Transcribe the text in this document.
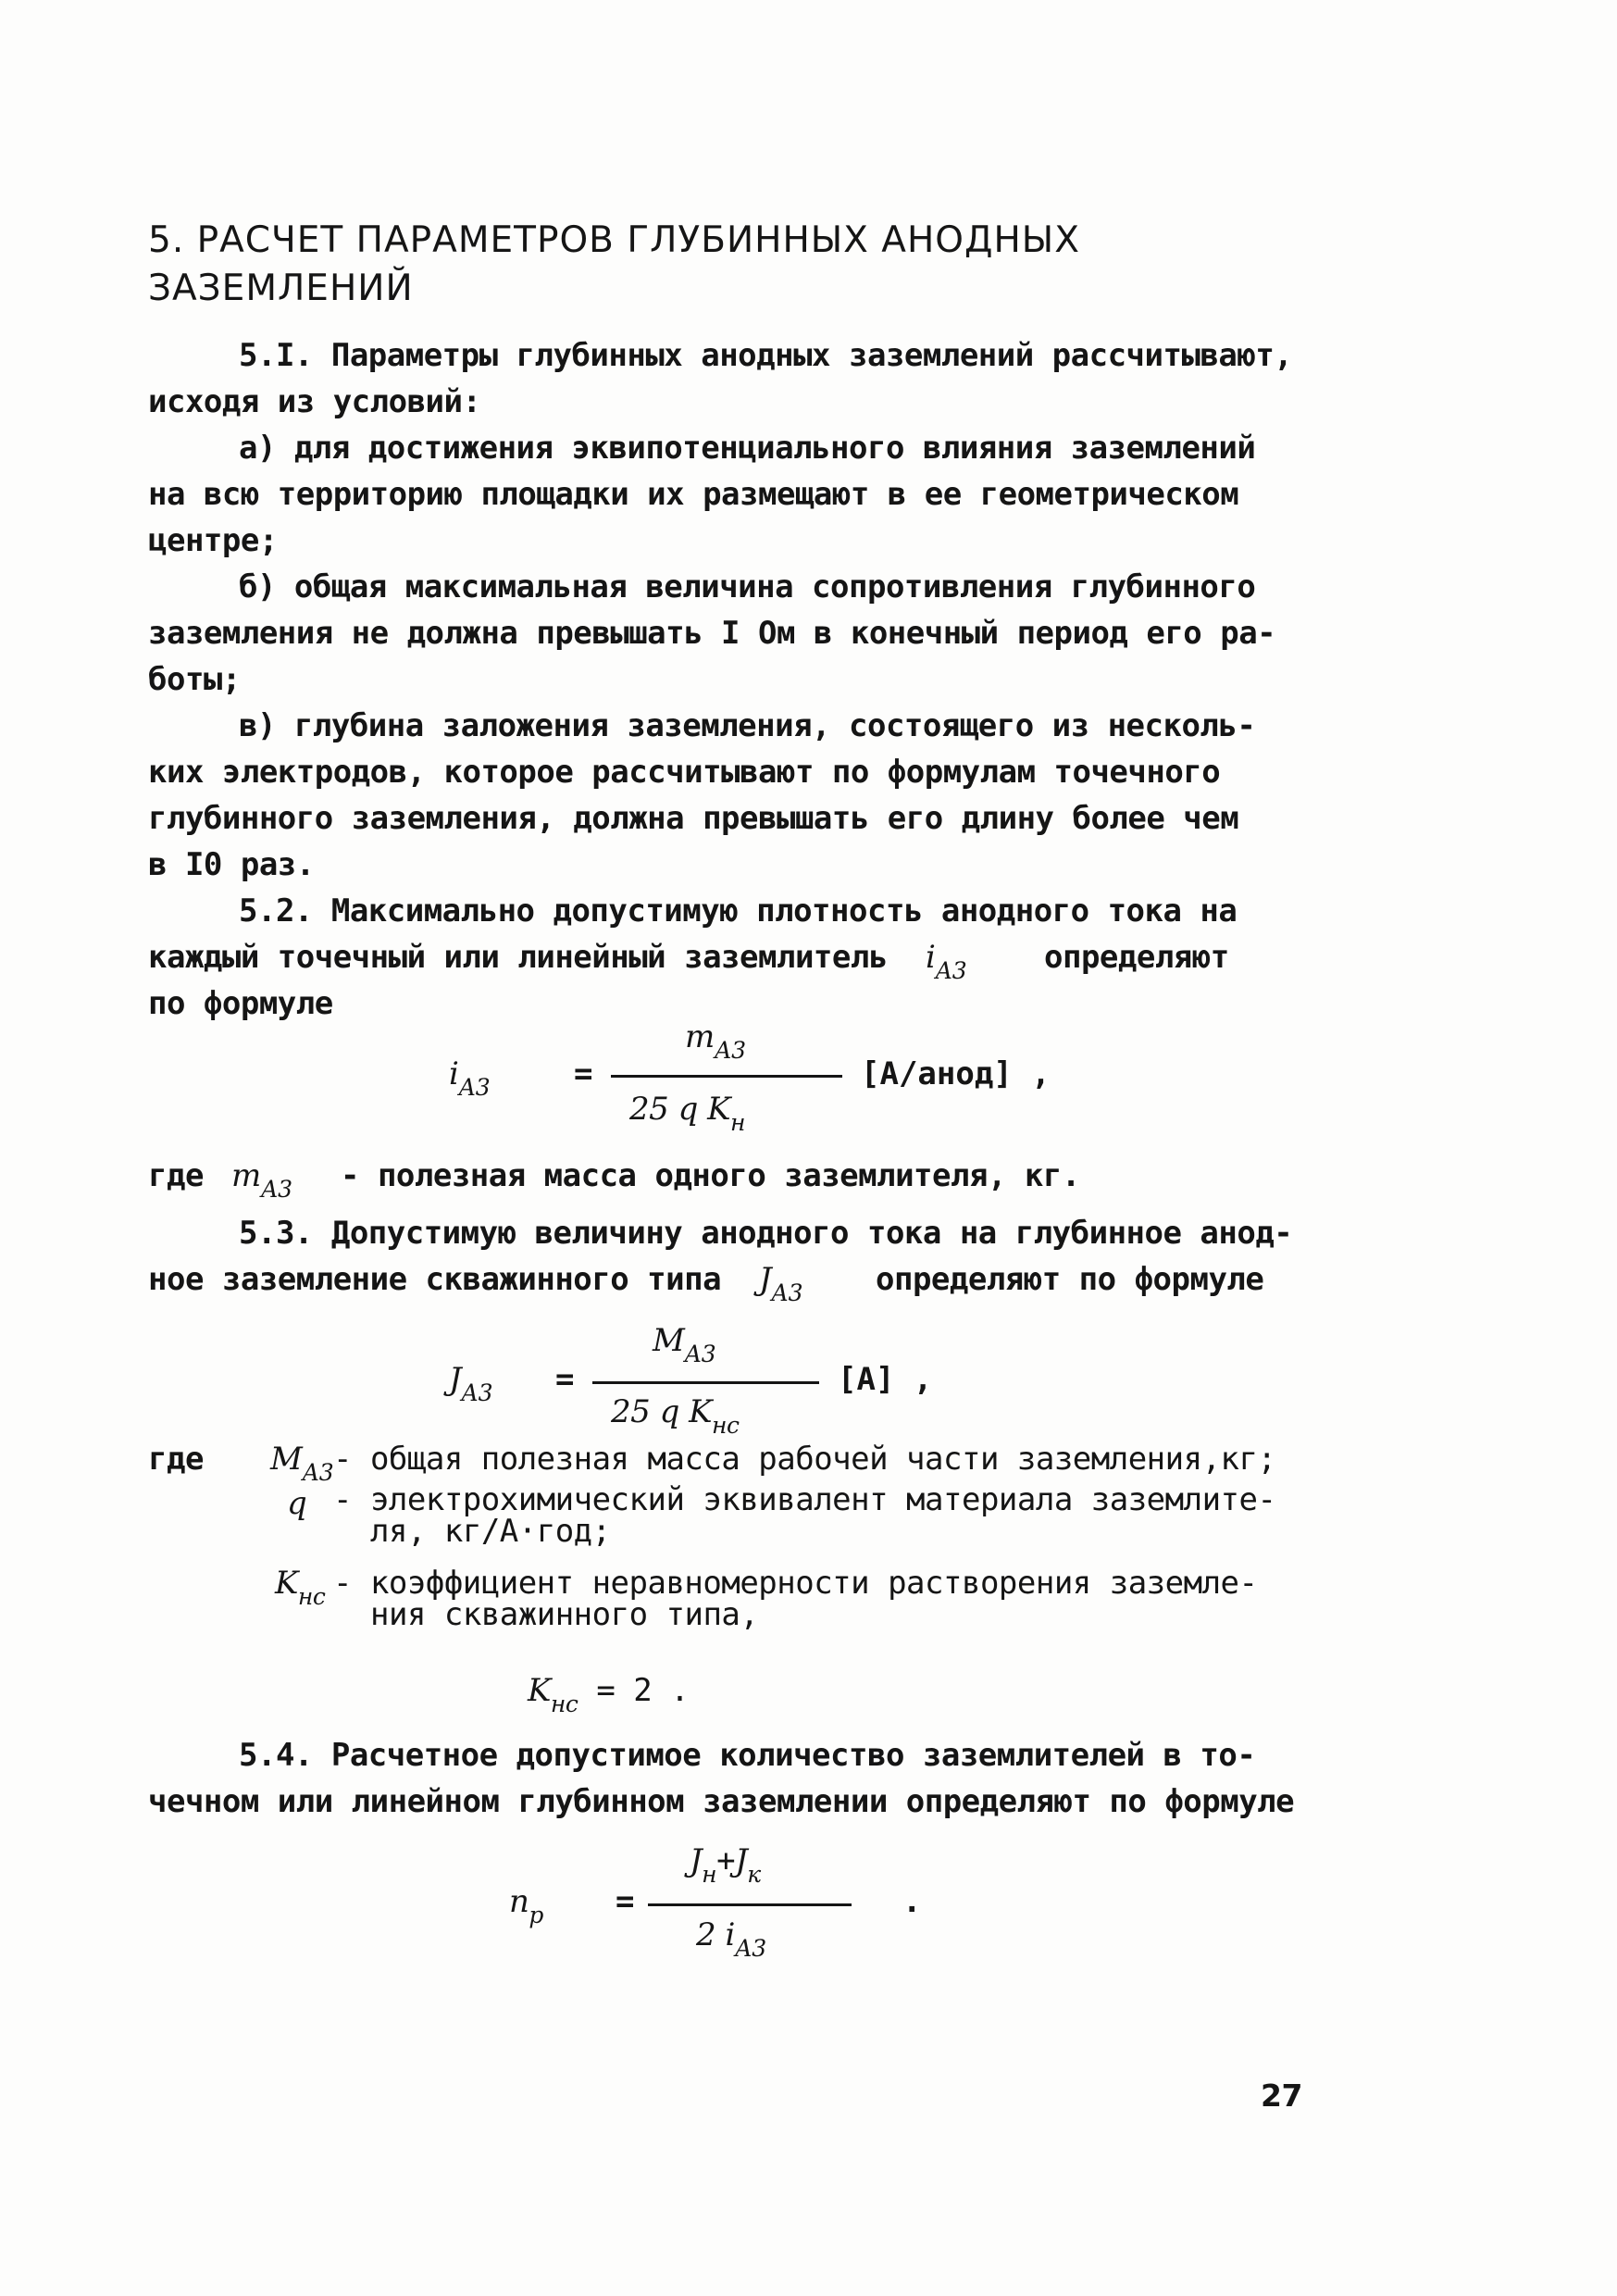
5. РАСЧЕТ ПАРАМЕТРОВ ГЛУБИННЫХ АНОДНЫХ
ЗАЗЕМЛЕНИЙ
5.I. Параметры глубинных анодных заземлений рассчитывают,
исходя из условий:
а) для достижения эквипотенциального влияния заземлений
на всю территорию площадки их размещают в ее геометрическом
центре;
б) общая максимальная величина сопротивления глубинного
заземления не должна превышать I Ом в конечный период его ра-
боты;
в) глубина заложения заземления, состоящего из несколь-
ких электродов, которое рассчитывают по формулам точечного
глубинного заземления, должна превышать его длину более чем
в I0 раз.
5.2. Максимально допустимую плотность анодного тока на
каждый точечный или линейный заземлитель $i_{А3}$ определяют
по формуле
$i_{А3}$	=
$m_{А3}$
25 q $K_н$
[А/анод] ,
где $m_{А3}$ - полезная масса одного заземлителя, кг.
5.3. Допустимую величину анодного тока на глубинное анод-
ное заземление скважинного типа $J_{А3}$ определяют по формуле
$J_{А3}$ =
$M_{А3}$
25 q $K_{нс}$
[А] ,
где $M_{А3}$ - общая полезная масса рабочей части заземления,кг;
q - электрохимический эквивалент материала заземлите-
ля, кг/А·год;
$K_{нс}$ - коэффициент неравномерности растворения заземле-
ния скважинного типа,
$K_{нс} = 2$ .
5.4. Расчетное допустимое количество заземлителей в то-
чечном или линейном глубинном заземлении определяют по формуле
$n_р$ =
$J_н+J_к$
2 $i_{А3}$
.
27
